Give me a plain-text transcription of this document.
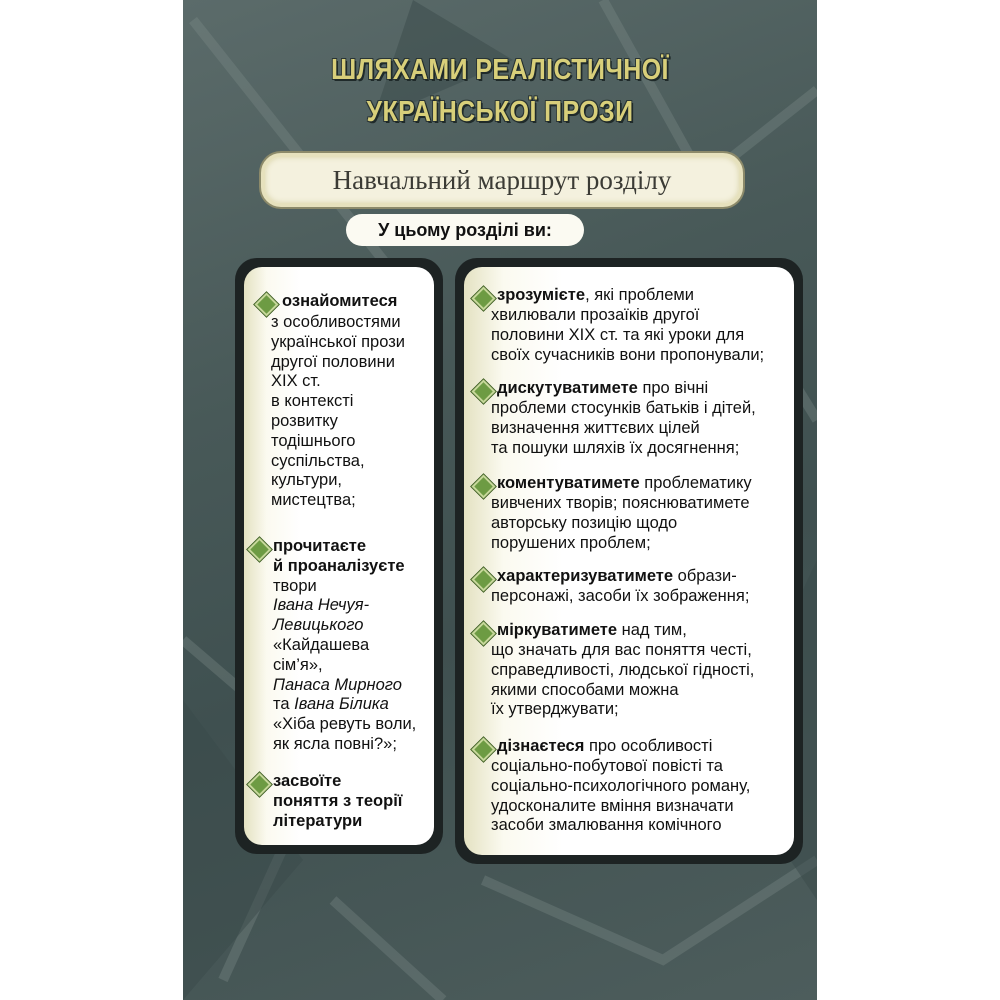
ШЛЯХАМИ РЕАЛІСТИЧНОЇ
УКРАЇНСЬКОЇ ПРОЗИ
Навчальний маршрут розділу
У цьому розділі ви:
ознайомитеся
з особливостями
української прози
другої половини
XIX ст.
в контексті
розвитку
тодішнього
суспільства,
культури,
мистецтва;
прочитаєте
й проаналізуєте
твори
Івана Нечуя-
Левицького
«Кайдашева
сім’я»,
Панаса Мирного
та Івана Білика
«Хіба ревуть воли,
як ясла повні?»;
засвоїте
поняття з теорії
літератури
зрозумієте, які проблеми
хвилювали прозаїків другої
половини XIX ст. та які уроки для
своїх сучасників вони пропонували;
дискутуватимете про вічні
проблеми стосунків батьків і дітей,
визначення життєвих цілей
та пошуки шляхів їх досягнення;
коментуватимете проблематику
вивчених творів; пояснюватимете
авторську позицію щодо
порушених проблем;
характеризуватимете образи-
персонажі, засоби їх зображення;
міркуватимете над тим,
що значать для вас поняття честі,
справедливості, людської гідності,
якими способами можна
їх утверджувати;
дізнаєтеся про особливості
соціально-побутової повісті та
соціально-психологічного роману,
удосконалите вміння визначати
засоби змалювання комічного
